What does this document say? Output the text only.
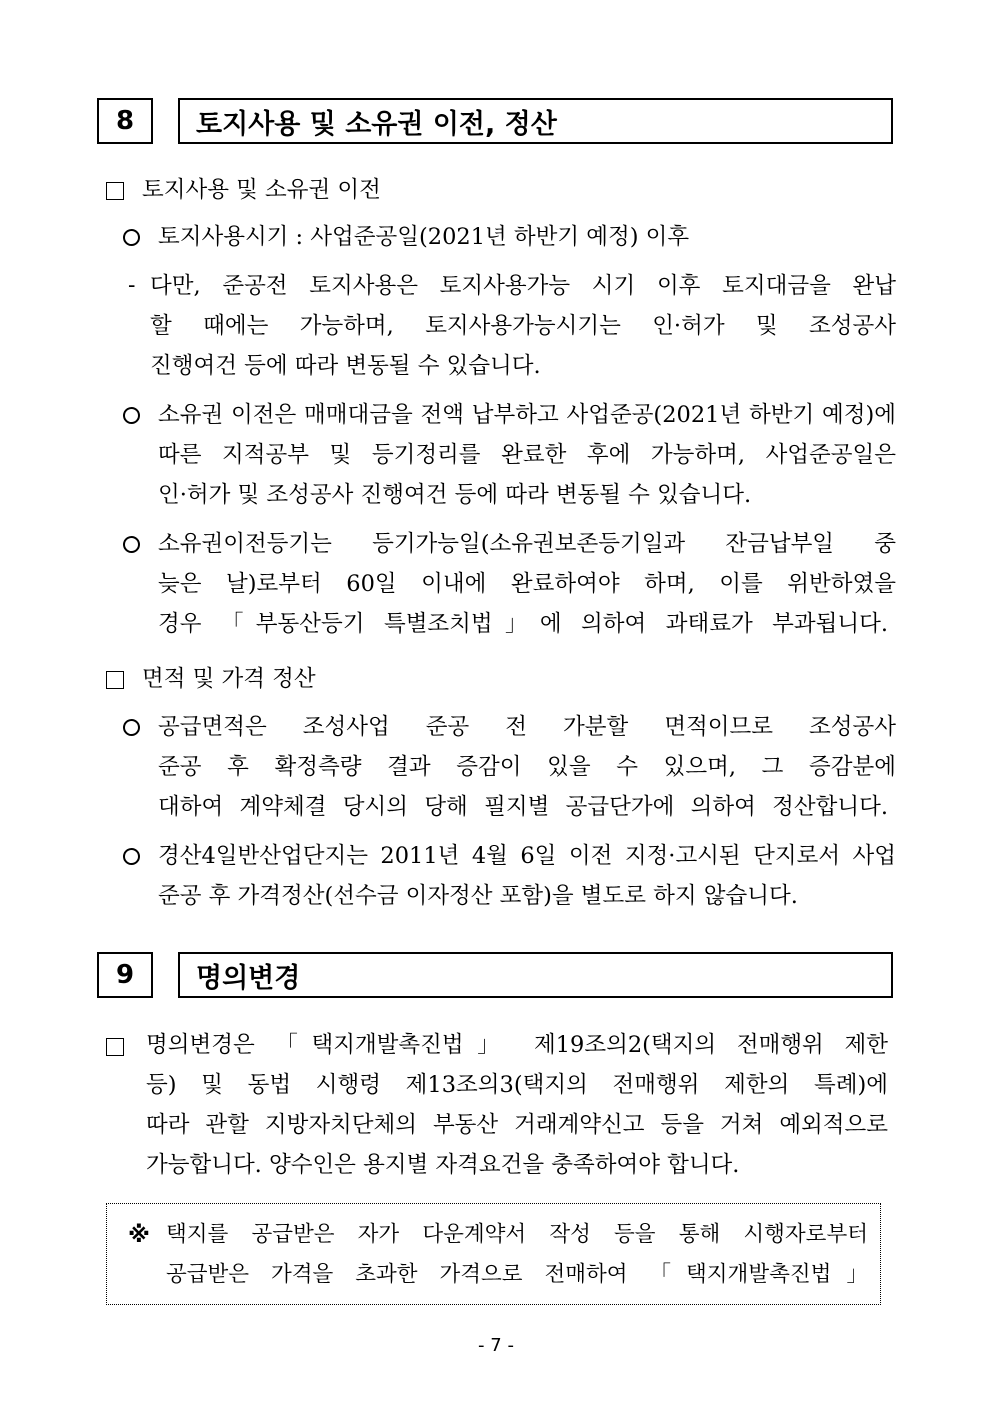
8	토지사용 및 소유권 이전, 정산
토지사용 및 소유권 이전
토지사용시기 : 사업준공일(2021년 하반기 예정) 이후
- 다만, 준공전 토지사용은 토지사용가능 시기 이후 토지대금을 완납
할 때에는 가능하며, 토지사용가능시기는 인·허가 및 조성공사
진행여건 등에 따라 변동될 수 있습니다.
소유권 이전은 매매대금을 전액 납부하고 사업준공(2021년 하반기 예정)에
따른 지적공부 및 등기정리를 완료한 후에 가능하며, 사업준공일은
인·허가 및 조성공사 진행여건 등에 따라 변동될 수 있습니다.
소유권이전등기는 등기가능일(소유권보존등기일과 잔금납부일 중
늦은 날)로부터 60일 이내에 완료하여야 하며, 이를 위반하였을
경우 「부동산등기 특별조치법」에 의하여 과태료가 부과됩니다.
면적 및 가격 정산
공급면적은 조성사업 준공 전 가분할 면적이므로 조성공사
준공 후 확정측량 결과 증감이 있을 수 있으며, 그 증감분에
대하여 계약체결 당시의 당해 필지별 공급단가에 의하여 정산합니다.
경산4일반산업단지는 2011년 4월 6일 이전 지정·고시된 단지로서 사업
준공 후 가격정산(선수금 이자정산 포함)을 별도로 하지 않습니다.
9	명의변경
명의변경은 「택지개발촉진법」 제19조의2(택지의 전매행위 제한
등) 및 동법 시행령 제13조의3(택지의 전매행위 제한의 특례)에
따라 관할 지방자치단체의 부동산 거래계약신고 등을 거쳐 예외적으로
가능합니다. 양수인은 용지별 자격요건을 충족하여야 합니다.
※ 택지를 공급받은 자가 다운계약서 작성 등을 통해 시행자로부터
공급받은 가격을 초과한 가격으로 전매하여 「택지개발촉진법」
- 7 -
